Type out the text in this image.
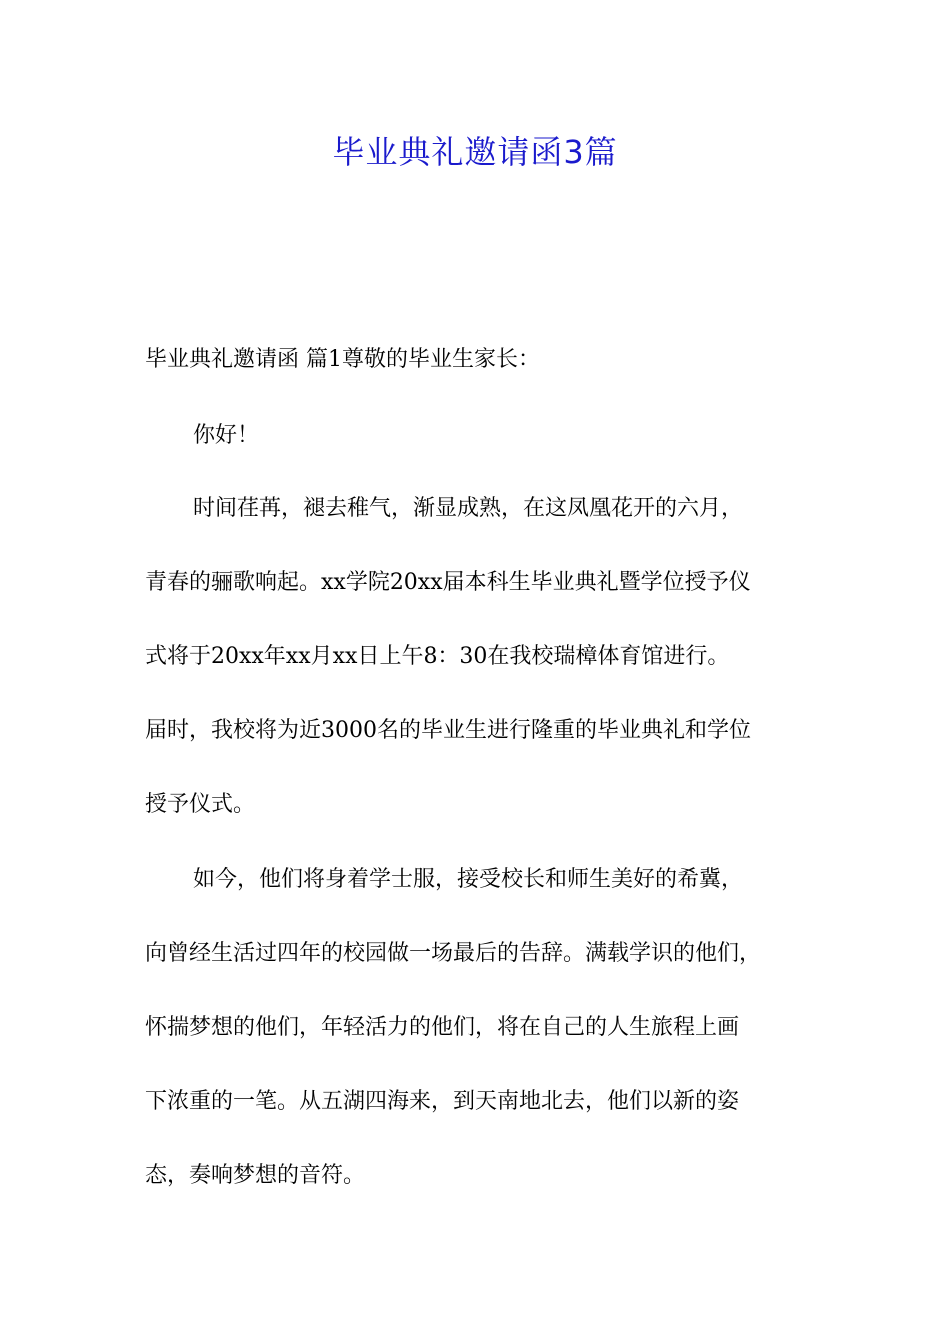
毕业典礼邀请函3篇

毕业典礼邀请函 篇1尊敬的毕业生家长：

你好！

时间荏苒，褪去稚气，渐显成熟，在这凤凰花开的六月，

青春的骊歌响起。xx学院20xx届本科生毕业典礼暨学位授予仪

式将于20xx年xx月xx日上午8：30在我校瑞樟体育馆进行。

届时，我校将为近3000名的毕业生进行隆重的毕业典礼和学位

授予仪式。

如今，他们将身着学士服，接受校长和师生美好的希冀，

向曾经生活过四年的校园做一场最后的告辞。满载学识的他们，

怀揣梦想的他们，年轻活力的他们，将在自己的人生旅程上画

下浓重的一笔。从五湖四海来，到天南地北去，他们以新的姿

态，奏响梦想的音符。
